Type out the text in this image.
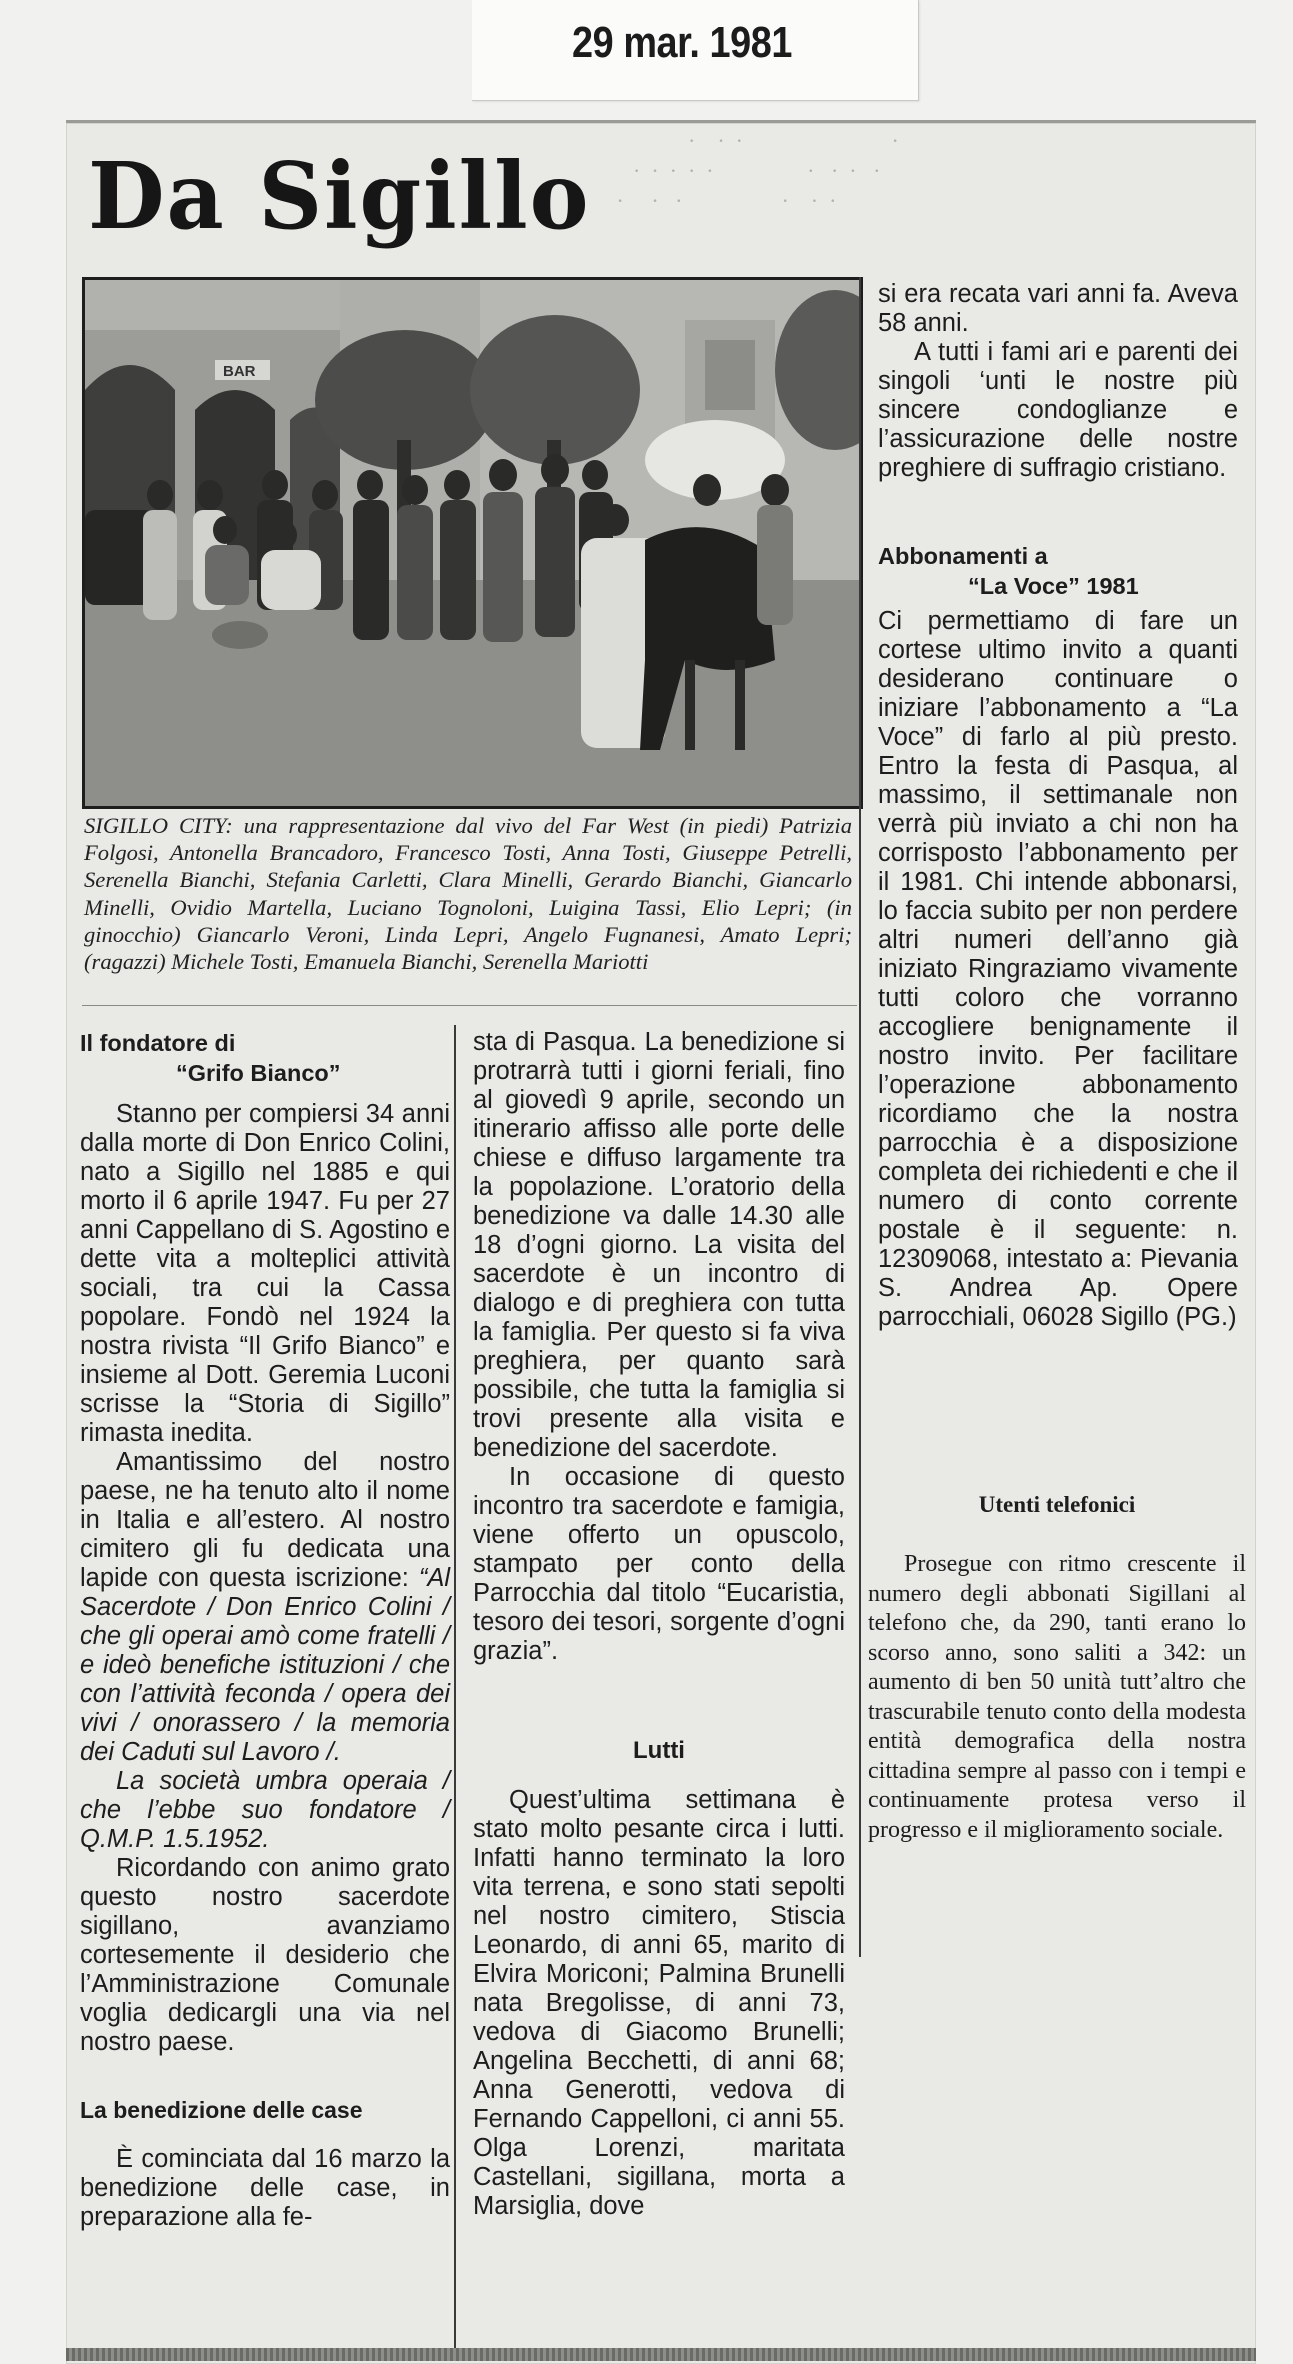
29 mar. 1981
·    ·  ·                           ·
·  ·  ·  ·  ·                 ·   ·  ·   ·
·     ·   ·                  ·    ·  ·
Da Sigillo
BAR
SIGILLO CITY: una rappresentazione dal vivo del Far West (in piedi) Patrizia Folgosi, Antonella Brancadoro, Francesco Tosti, Anna Tosti, Giuseppe Petrelli, Serenella Bianchi, Stefania Carletti, Clara Minelli, Gerardo Bianchi, Giancarlo Minelli, Ovidio Martella, Luciano Tognoloni, Luigina Tassi, Elio Lepri; (in ginocchio) Giancarlo Veroni, Linda Lepri, Angelo Fugnanesi, Amato Lepri; (ragazzi) Michele Tosti, Emanuela Bianchi, Serenella Mariotti

Il fondatore di

“Grifo Bianco”

Stanno per compiersi 34 anni dalla morte di Don Enrico Colini, nato a Sigillo nel 1885 e qui morto il 6 aprile 1947. Fu per 27 anni Cappellano di S. Agostino e dette vita a molteplici attività sociali, tra cui la Cassa popolare. Fondò nel 1924 la nostra rivista “Il Grifo Bianco” e insieme al Dott. Geremia Luconi scrisse la “Storia di Sigillo” rimasta inedita.

Amantissimo del nostro paese, ne ha tenuto alto il nome in Italia e all’estero. Al nostro cimitero gli fu dedicata una lapide con questa iscrizione: “Al Sacerdote / Don Enrico Colini / che gli operai amò come fratelli / e ideò benefiche istituzioni / che con l’attività feconda / opera dei vivi / onorassero / la memoria dei Caduti sul Lavoro /.

La società umbra operaia / che l’ebbe suo fondatore / Q.M.P. 1.5.1952.

Ricordando con animo grato questo nostro sacerdote sigillano, avanziamo cortesemente il desiderio che l’Amministrazione Comunale voglia dedicargli una via nel nostro paese.

La benedizione delle case

È cominciata dal 16 marzo la benedizione delle case, in preparazione alla fe-

sta di Pasqua. La benedizione si protrarrà tutti i giorni feriali, fino al giovedì 9 aprile, secondo un itinerario affisso alle porte delle chiese e diffuso largamente tra la popolazione. L’oratorio della benedizione va dalle 14.30 alle 18 d’ogni giorno. La visita del sacerdote è un incontro di dialogo e di preghiera con tutta la famiglia. Per questo si fa viva preghiera, per quanto sarà possibile, che tutta la famiglia si trovi presente alla visita e benedizione del sacerdote.

In occasione di questo incontro tra sacerdote e famigia, viene offerto un opuscolo, stampato per conto della Parrocchia dal titolo “Eucaristia, tesoro dei tesori, sorgente d’ogni grazia”.

Lutti

Quest’ultima settimana è stato molto pesante circa i lutti. Infatti hanno terminato la loro vita terrena, e sono stati sepolti nel nostro cimitero, Stiscia Leonardo, di anni 65, marito di Elvira Moriconi; Palmina Brunelli nata Bregolisse, di anni 73, vedova di Giacomo Brunelli; Angelina Becchetti, di anni 68; Anna Generotti, vedova di Fernando Cappelloni, ci anni 55. Olga Lorenzi, maritata Castellani, sigillana, morta a Marsiglia, dove

si era recata vari anni fa. Aveva 58 anni.

A tutti i fami ari e parenti dei singoli ‘unti le nostre più sincere condoglianze e l’assicurazione delle nostre preghiere di suffragio cristiano.

Abbonamenti a

“La Voce” 1981

Ci permettiamo di fare un cortese ultimo invito a quanti desiderano continuare o iniziare l’abbonamento a “La Voce” di farlo al più presto. Entro la festa di Pasqua, al massimo, il settimanale non verrà più inviato a chi non ha corrisposto l’abbonamento per il 1981. Chi intende abbonarsi, lo faccia subito per non perdere altri numeri dell’anno già iniziato Ringraziamo vivamente tutti coloro che vorranno accogliere benignamente il nostro invito. Per facilitare l’operazione abbonamento ricordiamo che la nostra parrocchia è a disposizione completa dei richiedenti e che il numero di conto corrente postale è il seguente: n. 12309068, intestato a: Pievania S. Andrea Ap. Opere parrocchiali, 06028 Sigillo (PG.)

Utenti telefonici

Prosegue con ritmo crescente il numero degli abbonati Sigillani al telefono che, da 290, tanti erano lo scorso anno, sono saliti a 342: un aumento di ben 50 unità tutt’altro che trascurabile tenuto conto della modesta entità demografica della nostra cittadina sempre al passo con i tempi e continuamente protesa verso il progresso e il miglioramento sociale.
